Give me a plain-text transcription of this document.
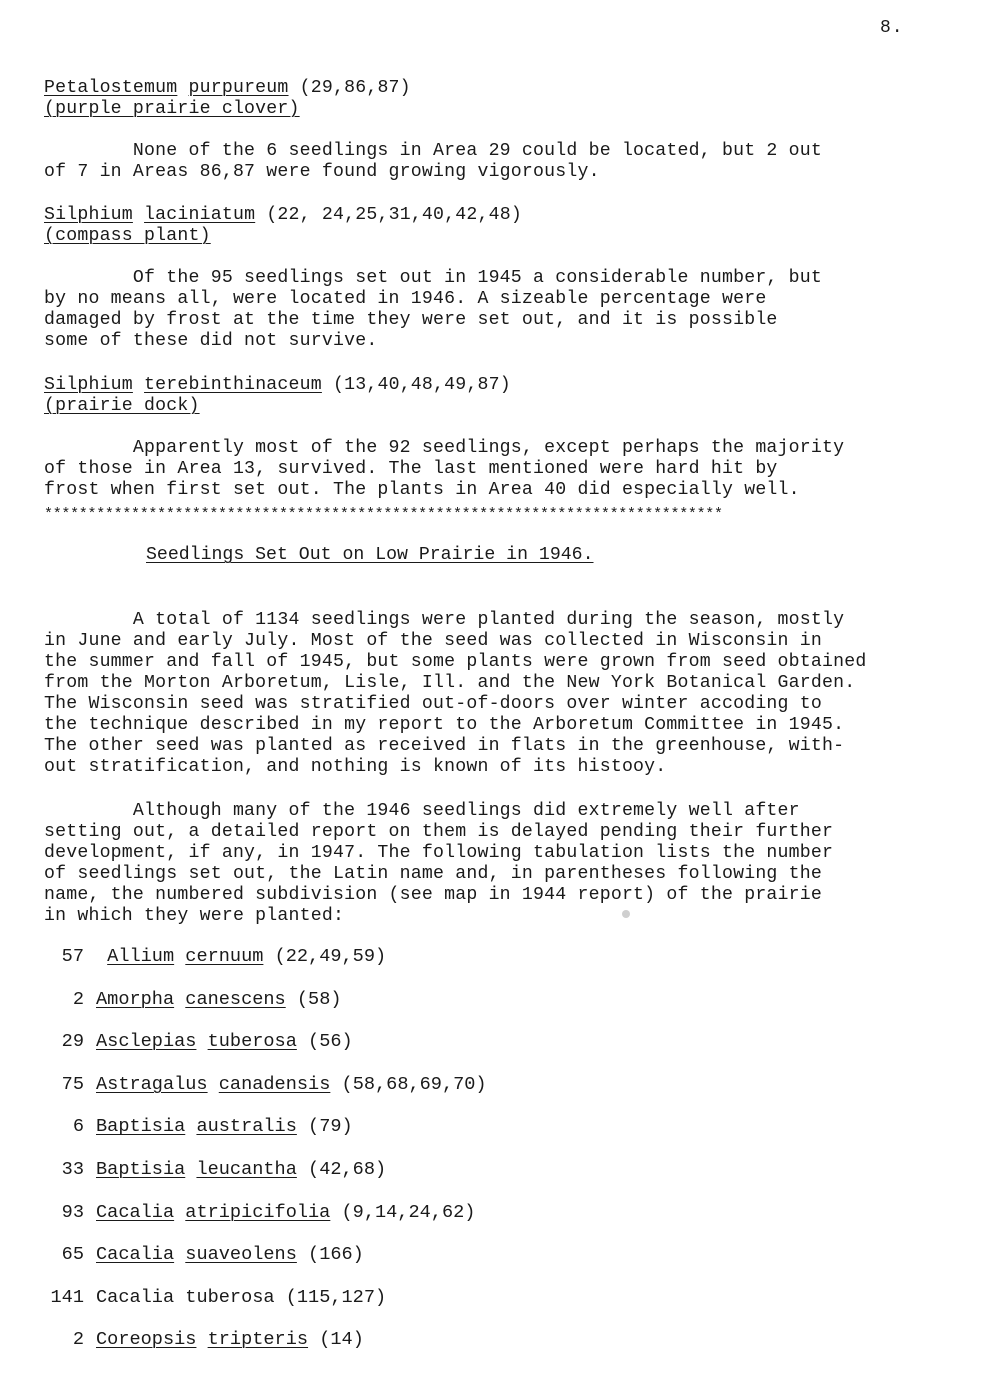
8.

Petalostemum purpureum (29,86,87)

(purple prairie clover)

None of the 6 seedlings in Area 29 could be located, but 2 out

of 7 in Areas 86,87 were found growing vigorously.

Silphium laciniatum (22, 24,25,31,40,42,48)

(compass plant)

Of the 95 seedlings set out in 1945 a considerable number, but

by no means all, were located in 1946. A sizeable percentage were

damaged by frost at the time they were set out, and it is possible

some of these did not survive.

Silphium terebinthinaceum (13,40,48,49,87)

(prairie dock)

Apparently most of the 92 seedlings, except perhaps the majority

of those in Area 13, survived. The last mentioned were hard hit by

frost when first set out. The plants in Area 40 did especially well.

******************************************************************************
Seedlings Set Out on Low Prairie in 1946.

A total of 1134 seedlings were planted during the season, mostly

in June and early July. Most of the seed was collected in Wisconsin in

the summer and fall of 1945, but some plants were grown from seed obtained

from the Morton Arboretum, Lisle, Ill. and the New York Botanical Garden.

The Wisconsin seed was stratified out-of-doors over winter accoding to

the technique described in my report to the Arboretum Committee in 1945.

The other seed was planted as received in flats in the greenhouse, with-

out stratification, and nothing is known of its histooy.

Although many of the 1946 seedlings did extremely well after

setting out, a detailed report on them is delayed pending their further

development, if any, in 1947. The following tabulation lists the number

of seedlings set out, the Latin name and, in parentheses following the

name, the numbered subdivision (see map in 1944 report) of the prairie

in which they were planted:

57 Allium cernuum (22,49,59)
2 Amorpha canescens (58)
29 Asclepias tuberosa (56)
75 Astragalus canadensis (58,68,69,70)
6 Baptisia australis (79)
33 Baptisia leucantha (42,68)
93 Cacalia atripicifolia (9,14,24,62)
65 Cacalia suaveolens (166)
141 Cacalia tuberosa (115,127)
2 Coreopsis tripteris (14)
